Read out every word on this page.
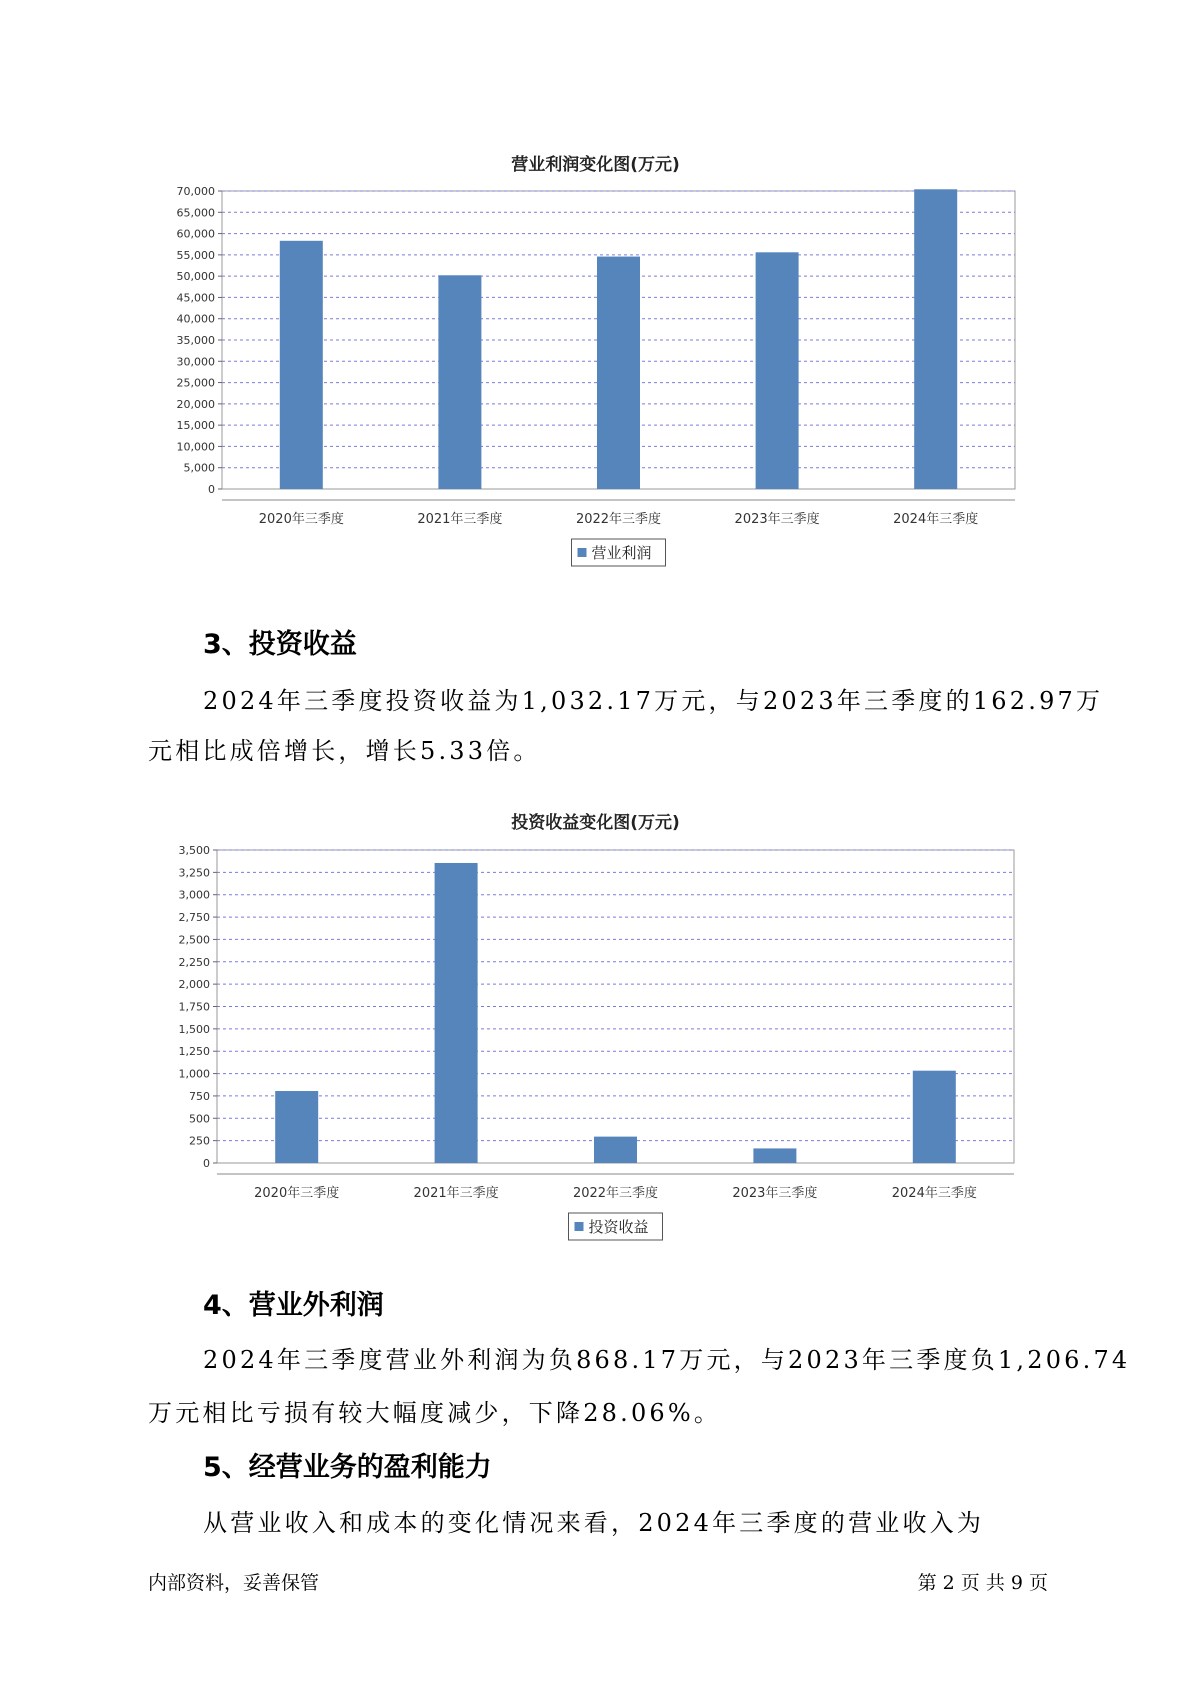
营业利润变化图(万元)
0
5,000
10,000
15,000
20,000
25,000
30,000
35,000
40,000
45,000
50,000
55,000
60,000
65,000
70,000
2020年三季度	2021年三季度	2022年三季度	2023年三季度	2024年三季度
营业利润
3、投资收益
2024年三季度投资收益为1,032.17万元，与2023年三季度的162.97万
元相比成倍增长，增长5.33倍。
投资收益变化图(万元)
0
250
500
750
1,000
1,250
1,500
1,750
2,000
2,250
2,500
2,750
3,000
3,250
3,500
2020年三季度	2021年三季度	2022年三季度	2023年三季度	2024年三季度
投资收益
4、营业外利润
2024年三季度营业外利润为负868.17万元，与2023年三季度负1,206.74
万元相比亏损有较大幅度减少，下降28.06%。
5、经营业务的盈利能力
从营业收入和成本的变化情况来看，2024年三季度的营业收入为
内部资料，妥善保管	第 2 页 共 9 页
